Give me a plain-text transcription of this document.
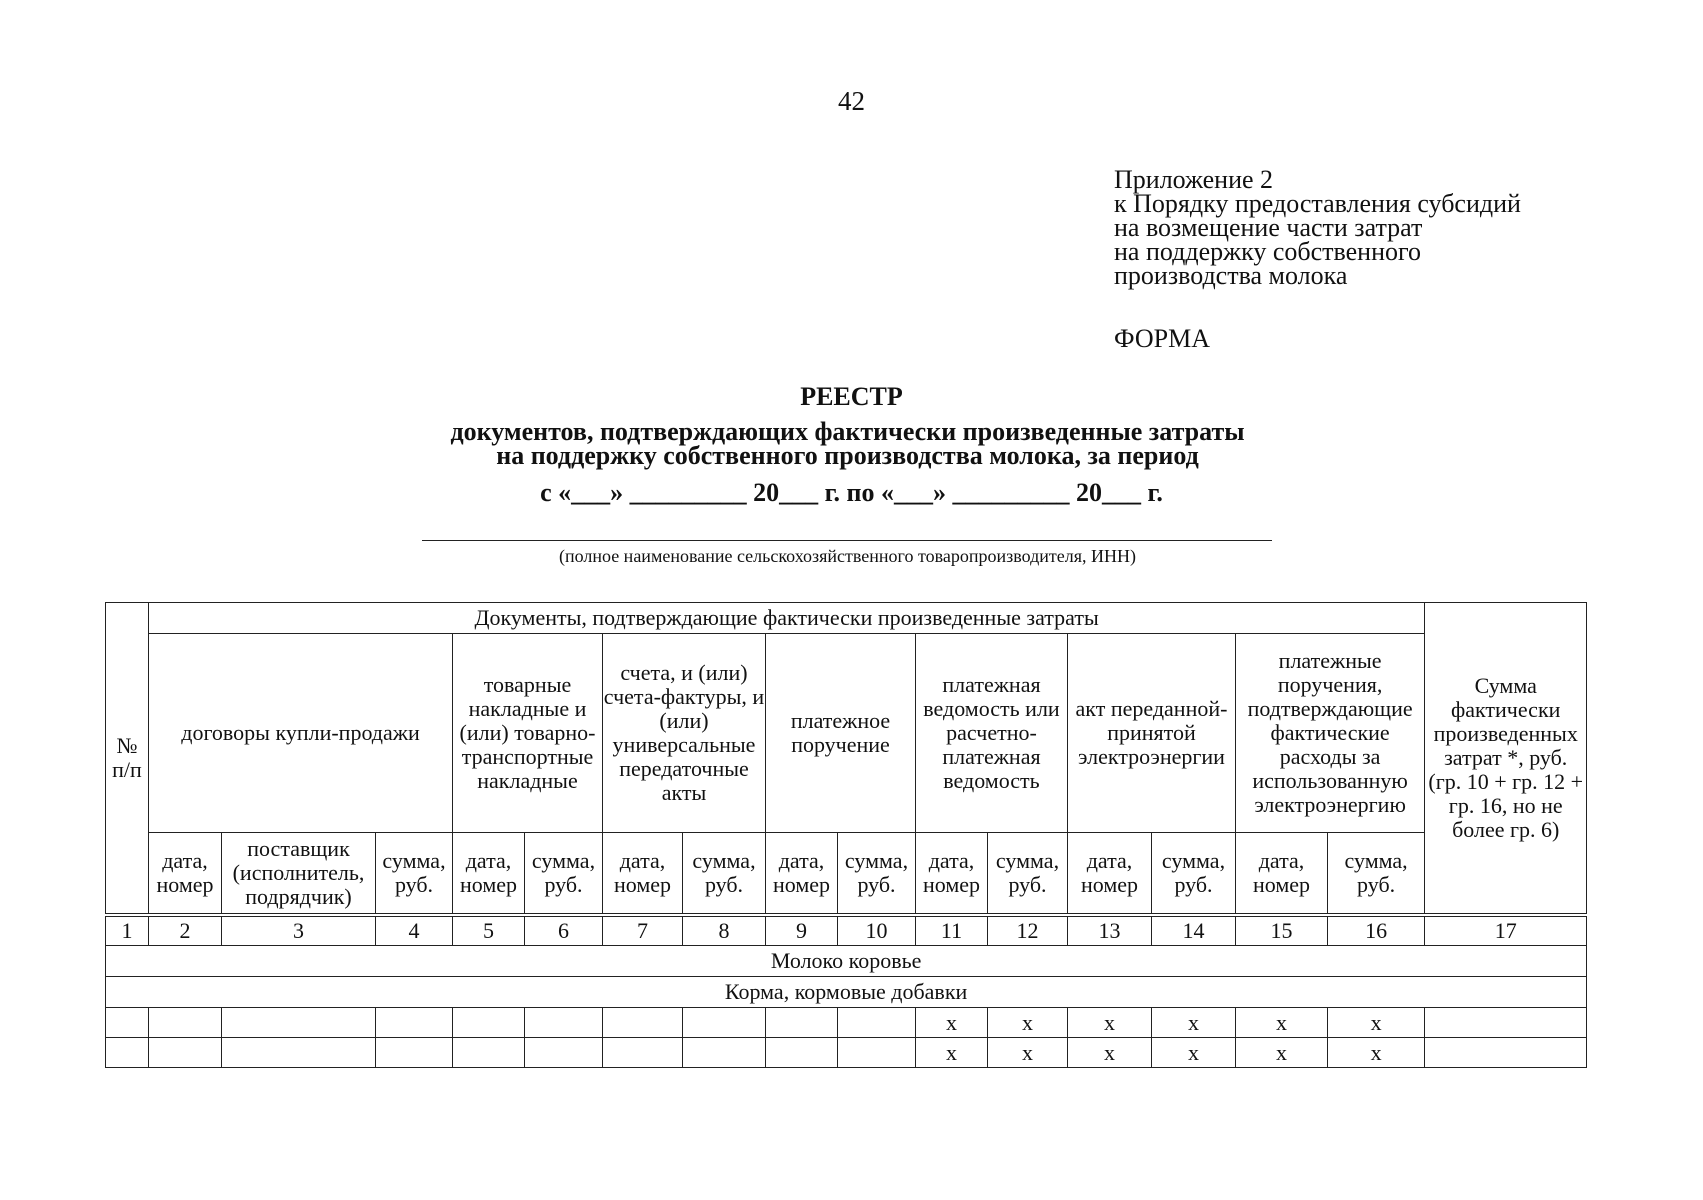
42
Приложение 2
к Порядку предоставления субсидий
на возмещение части затрат
на поддержку собственного
производства молока
ФОРМА
РЕЕСТР
документов, подтверждающих фактически произведенные затраты
на поддержку собственного производства молока, за период
с «___» _________ 20___ г. по «___» _________ 20___ г.
(полное наименование сельскохозяйственного товаропроизводителя, ИНН)
№ п/п	Документы, подтверждающие фактически произведенные затраты															Сумма фактически произведенных затрат *, руб. (гр. 10 + гр. 12 + гр. 16, но не более гр. 6)
	договоры купли-продажи			товарные накладные и (или) товарно-транспортные накладные		счета, и (или) счета-фактуры, и (или) универсальные передаточные акты		платежное поручение		платежная ведомость или расчетно-платежная ведомость		акт переданной-принятой электроэнергии		платежные поручения, подтверждающие фактические расходы за использованную электроэнергию		
	дата, номер	поставщик (исполнитель, подрядчик)	сумма, руб.	дата, номер	сумма, руб.	дата, номер	сумма, руб.	дата, номер	сумма, руб.	дата, номер	сумма, руб.	дата, номер	сумма, руб.	дата, номер	сумма, руб.	
1	2	3	4	5	6	7	8	9	10	11	12	13	14	15	16	17
Молоко коровье																
Корма, кормовые добавки																
										х	х	х	х	х	х	
										х	х	х	х	х	х	
